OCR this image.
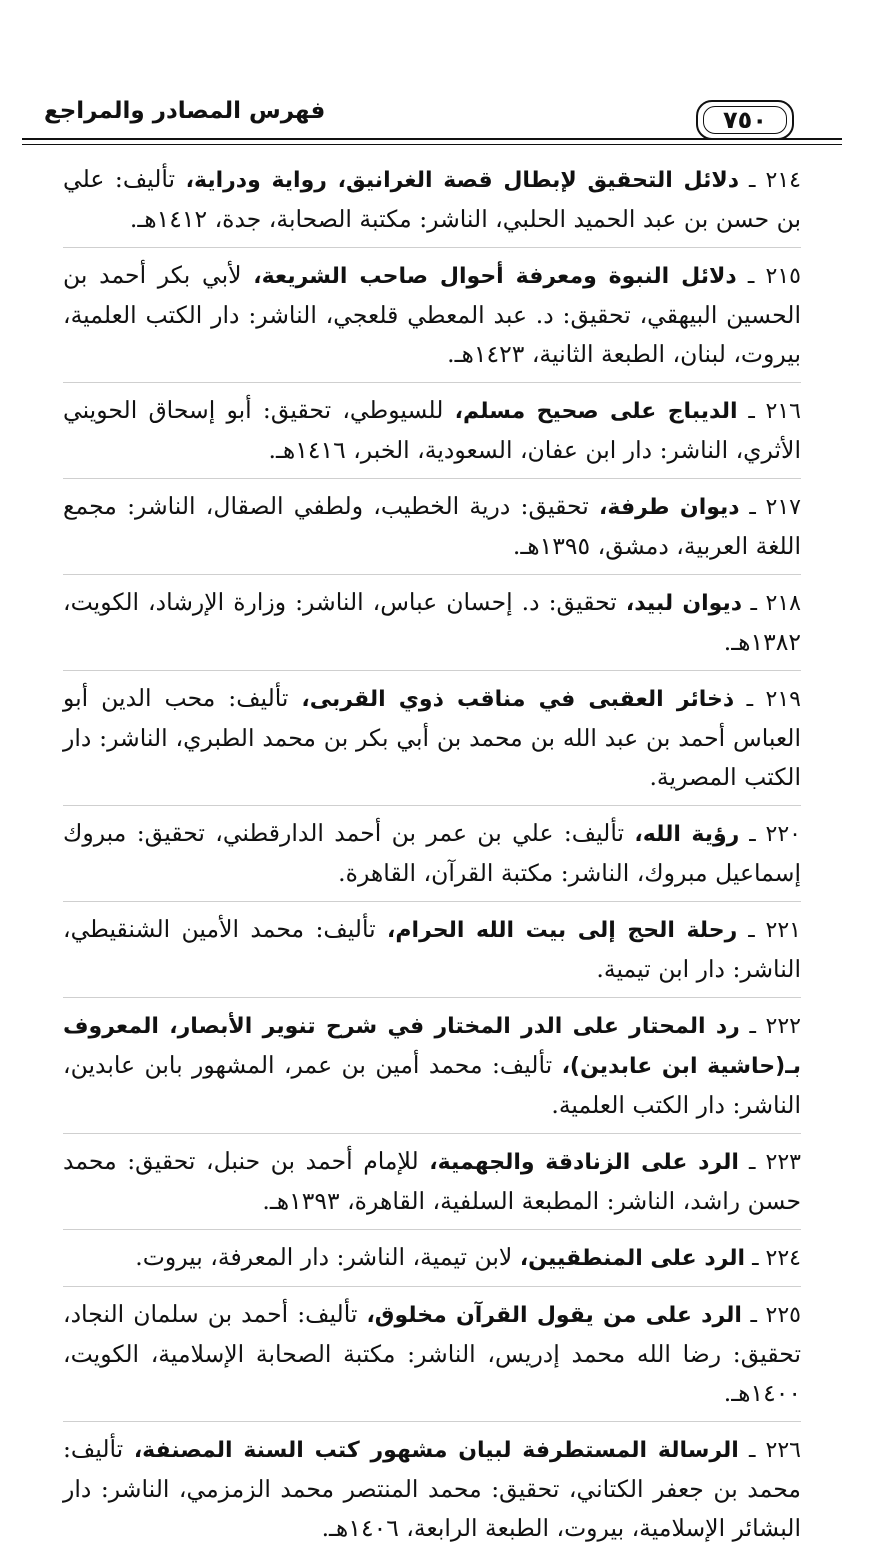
فهرس المصادر والمراجع	٧٥٠

٢١٤ ـ دلائل التحقيق لإبطال قصة الغرانيق، رواية ودراية، تأليف: علي بن حسن بن عبد الحميد الحلبي، الناشر: مكتبة الصحابة، جدة، ١٤١٢هـ.

٢١٥ ـ دلائل النبوة ومعرفة أحوال صاحب الشريعة، لأبي بكر أحمد بن الحسين البيهقي، تحقيق: د. عبد المعطي قلعجي، الناشر: دار الكتب العلمية، بيروت، لبنان، الطبعة الثانية، ١٤٢٣هـ.

٢١٦ ـ الديباج على صحيح مسلم، للسيوطي، تحقيق: أبو إسحاق الحويني الأثري، الناشر: دار ابن عفان، السعودية، الخبر، ١٤١٦هـ.

٢١٧ ـ ديوان طرفة، تحقيق: درية الخطيب، ولطفي الصقال، الناشر: مجمع اللغة العربية، دمشق، ١٣٩٥هـ.

٢١٨ ـ ديوان لبيد، تحقيق: د. إحسان عباس، الناشر: وزارة الإرشاد، الكويت، ١٣٨٢هـ.

٢١٩ ـ ذخائر العقبى في مناقب ذوي القربى، تأليف: محب الدين أبو العباس أحمد بن عبد الله بن محمد بن أبي بكر بن محمد الطبري، الناشر: دار الكتب المصرية.

٢٢٠ ـ رؤية الله، تأليف: علي بن عمر بن أحمد الدارقطني، تحقيق: مبروك إسماعيل مبروك، الناشر: مكتبة القرآن، القاهرة.

٢٢١ ـ رحلة الحج إلى بيت الله الحرام، تأليف: محمد الأمين الشنقيطي، الناشر: دار ابن تيمية.

٢٢٢ ـ رد المحتار على الدر المختار في شرح تنوير الأبصار، المعروف بـ(حاشية ابن عابدين)، تأليف: محمد أمين بن عمر، المشهور بابن عابدين، الناشر: دار الكتب العلمية.

٢٢٣ ـ الرد على الزنادقة والجهمية، للإمام أحمد بن حنبل، تحقيق: محمد حسن راشد، الناشر: المطبعة السلفية، القاهرة، ١٣٩٣هـ.

٢٢٤ ـ الرد على المنطقيين، لابن تيمية، الناشر: دار المعرفة، بيروت.

٢٢٥ ـ الرد على من يقول القرآن مخلوق، تأليف: أحمد بن سلمان النجاد، تحقيق: رضا الله محمد إدريس، الناشر: مكتبة الصحابة الإسلامية، الكويت، ١٤٠٠هـ.

٢٢٦ ـ الرسالة المستطرفة لبيان مشهور كتب السنة المصنفة، تأليف: محمد بن جعفر الكتاني، تحقيق: محمد المنتصر محمد الزمزمي، الناشر: دار البشائر الإسلامية، بيروت، الطبعة الرابعة، ١٤٠٦هـ.
